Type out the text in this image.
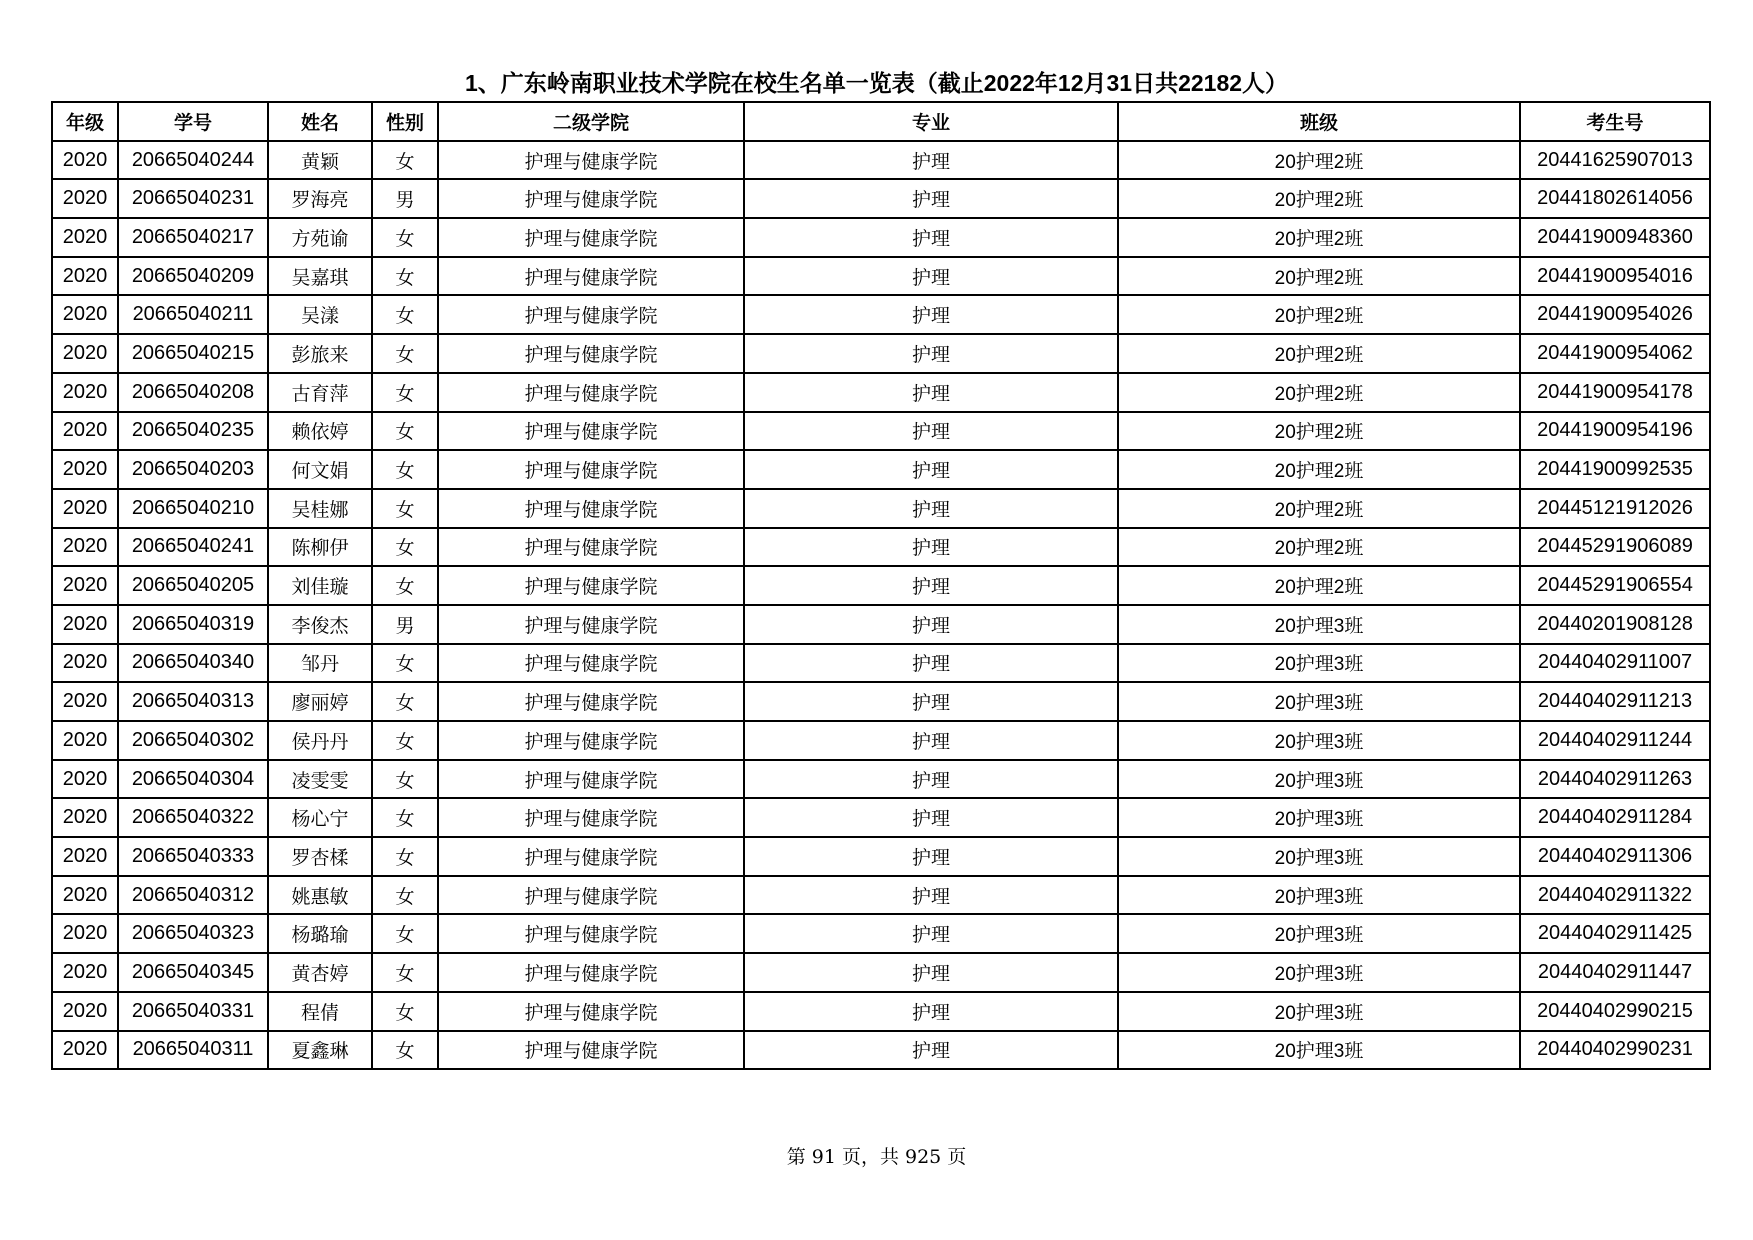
1、广东岭南职业技术学院在校生名单一览表（截止2022年12月31日共22182人）
年级	学号	姓名	性别	二级学院	专业	班级	考生号
2020	20665040244	黄颖	女	护理与健康学院	护理	20护理2班	20441625907013
2020	20665040231	罗海亮	男	护理与健康学院	护理	20护理2班	20441802614056
2020	20665040217	方苑谕	女	护理与健康学院	护理	20护理2班	20441900948360
2020	20665040209	吴嘉琪	女	护理与健康学院	护理	20护理2班	20441900954016
2020	20665040211	吴漾	女	护理与健康学院	护理	20护理2班	20441900954026
2020	20665040215	彭旅来	女	护理与健康学院	护理	20护理2班	20441900954062
2020	20665040208	古育萍	女	护理与健康学院	护理	20护理2班	20441900954178
2020	20665040235	赖依婷	女	护理与健康学院	护理	20护理2班	20441900954196
2020	20665040203	何文娟	女	护理与健康学院	护理	20护理2班	20441900992535
2020	20665040210	吴桂娜	女	护理与健康学院	护理	20护理2班	20445121912026
2020	20665040241	陈柳伊	女	护理与健康学院	护理	20护理2班	20445291906089
2020	20665040205	刘佳璇	女	护理与健康学院	护理	20护理2班	20445291906554
2020	20665040319	李俊杰	男	护理与健康学院	护理	20护理3班	20440201908128
2020	20665040340	邹丹	女	护理与健康学院	护理	20护理3班	20440402911007
2020	20665040313	廖丽婷	女	护理与健康学院	护理	20护理3班	20440402911213
2020	20665040302	侯丹丹	女	护理与健康学院	护理	20护理3班	20440402911244
2020	20665040304	凌雯雯	女	护理与健康学院	护理	20护理3班	20440402911263
2020	20665040322	杨心宁	女	护理与健康学院	护理	20护理3班	20440402911284
2020	20665040333	罗杏楺	女	护理与健康学院	护理	20护理3班	20440402911306
2020	20665040312	姚惠敏	女	护理与健康学院	护理	20护理3班	20440402911322
2020	20665040323	杨璐瑜	女	护理与健康学院	护理	20护理3班	20440402911425
2020	20665040345	黄杏婷	女	护理与健康学院	护理	20护理3班	20440402911447
2020	20665040331	程倩	女	护理与健康学院	护理	20护理3班	20440402990215
2020	20665040311	夏鑫琳	女	护理与健康学院	护理	20护理3班	20440402990231
第 91 页，共 925 页
